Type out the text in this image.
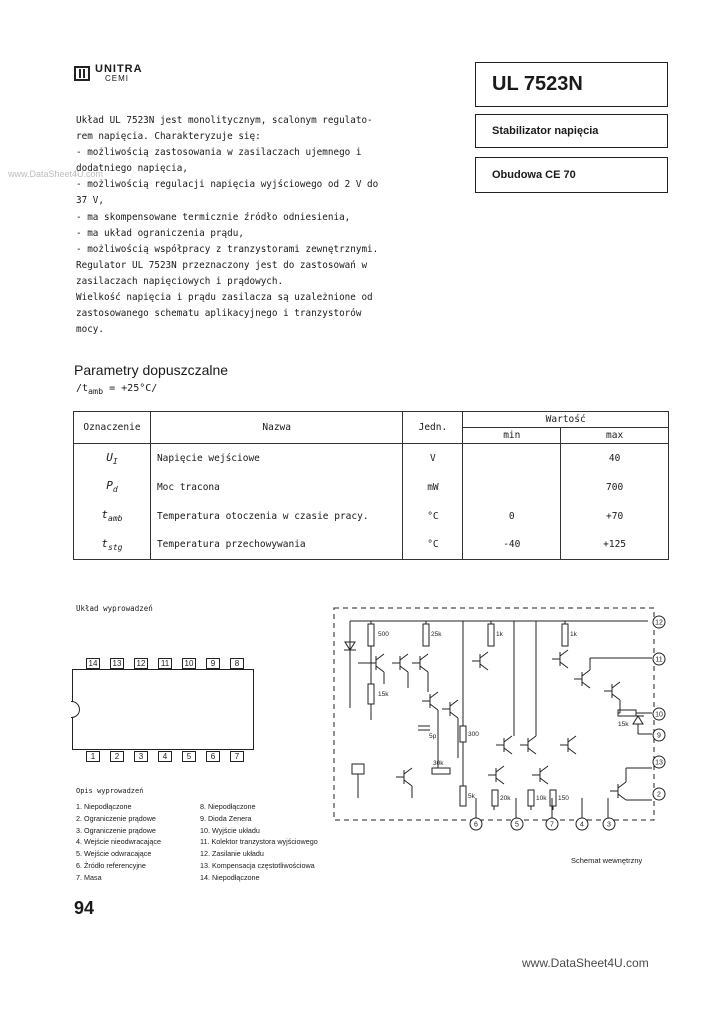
UNITRA
CEMI	UL 7523N
Stabilizator napięcia
Obudowa CE 70
www.DataSheet4U.com
Układ UL 7523N jest monolitycznym, scalonym regulato-
rem napięcia. Charakteryzuje się:
- możliwością zastosowania w zasilaczach ujemnego i
dodatniego napięcia,
- możliwością regulacji napięcia wyjściowego od 2 V do
37 V,
- ma skompensowane termicznie źródło odniesienia,
- ma układ ograniczenia prądu,
- możliwością współpracy z tranzystorami zewnętrznymi.
Regulator UL 7523N przeznaczony jest do zastosowań w
zasilaczach napięciowych i prądowych.
Wielkość napięcia i prądu zasilacza są uzależnione od
zastosowanego schematu aplikacyjnego i tranzystorów
mocy.
Parametry dopuszczalne
$/t_{amb} = +25^\circ C/$
Oznaczenie	Nazwa	Jedn.	Wartość	
			min	max
$U_I$	Napięcie wejściowe	V		40
$P_d$	Moc tracona	mW		700
$t_{amb}$	Temperatura otoczenia w czasie pracy.	°C	0	+70
$t_{stg}$	Temperatura przechowywania	°C	-40	+125
Układ wyprowadzeń
14	13	12	11	10	9	8
1	2	3	4	5	6	7
Opis wyprowadzeń
1. Niepodłączone
2. Ograniczenie prądowe
3. Ograniczenie prądowe
4. Wejście nieodwracające
5. Wejście odwracające
6. Źródło referencyjne
7. Masa
8. Niepodłączone
9. Dioda Zenera
10. Wyjście układu
11. Kolektor tranzystora wyjściowego
12. Zasilanie układu
13. Kompensacja częstotliwościowa
14. Niepodłączone
94
500	25k	1k	1k
15k
5p	300
5k
30k
20k	10k 150
15k
12
11
10
9
13
2
6	5	7	4	3
Schemat wewnętrzny
www.DataSheet4U.com
